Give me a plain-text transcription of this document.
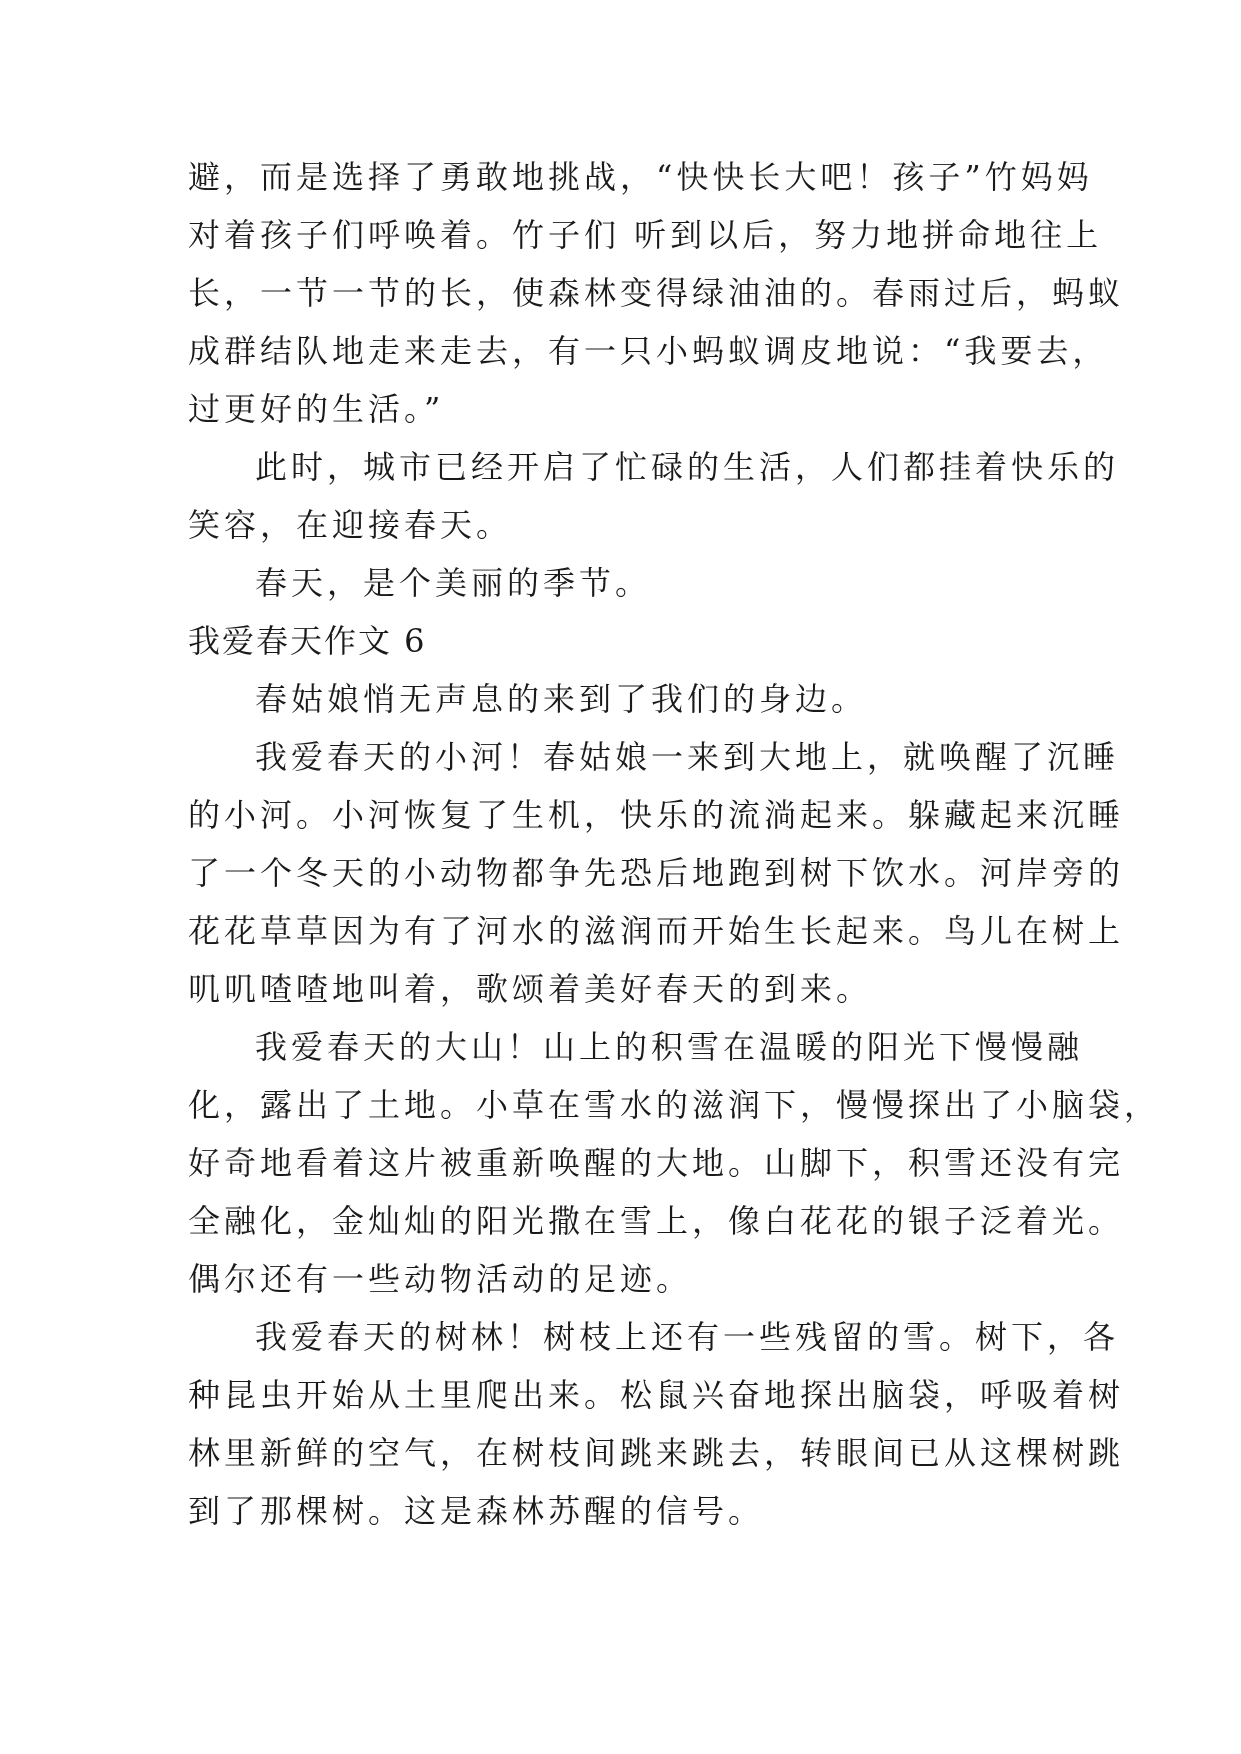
避，而是选择了勇敢地挑战，“快快长大吧！孩子”竹妈妈
对着孩子们呼唤着。竹子们 听到以后，努力地拼命地往上
长，一节一节的长，使森林变得绿油油的。春雨过后，蚂蚁
成群结队地走来走去，有一只小蚂蚁调皮地说：“我要去，
过更好的生活。”
此时，城市已经开启了忙碌的生活，人们都挂着快乐的
笑容，在迎接春天。
春天，是个美丽的季节。
我爱春天作文 6
春姑娘悄无声息的来到了我们的身边。
我爱春天的小河！春姑娘一来到大地上，就唤醒了沉睡
的小河。小河恢复了生机，快乐的流淌起来。躲藏起来沉睡
了一个冬天的小动物都争先恐后地跑到树下饮水。河岸旁的
花花草草因为有了河水的滋润而开始生长起来。鸟儿在树上
叽叽喳喳地叫着，歌颂着美好春天的到来。
我爱春天的大山！山上的积雪在温暖的阳光下慢慢融
化，露出了土地。小草在雪水的滋润下，慢慢探出了小脑袋，
好奇地看着这片被重新唤醒的大地。山脚下，积雪还没有完
全融化，金灿灿的阳光撒在雪上，像白花花的银子泛着光。
偶尔还有一些动物活动的足迹。
我爱春天的树林！树枝上还有一些残留的雪。树下，各
种昆虫开始从土里爬出来。松鼠兴奋地探出脑袋，呼吸着树
林里新鲜的空气，在树枝间跳来跳去，转眼间已从这棵树跳
到了那棵树。这是森林苏醒的信号。
